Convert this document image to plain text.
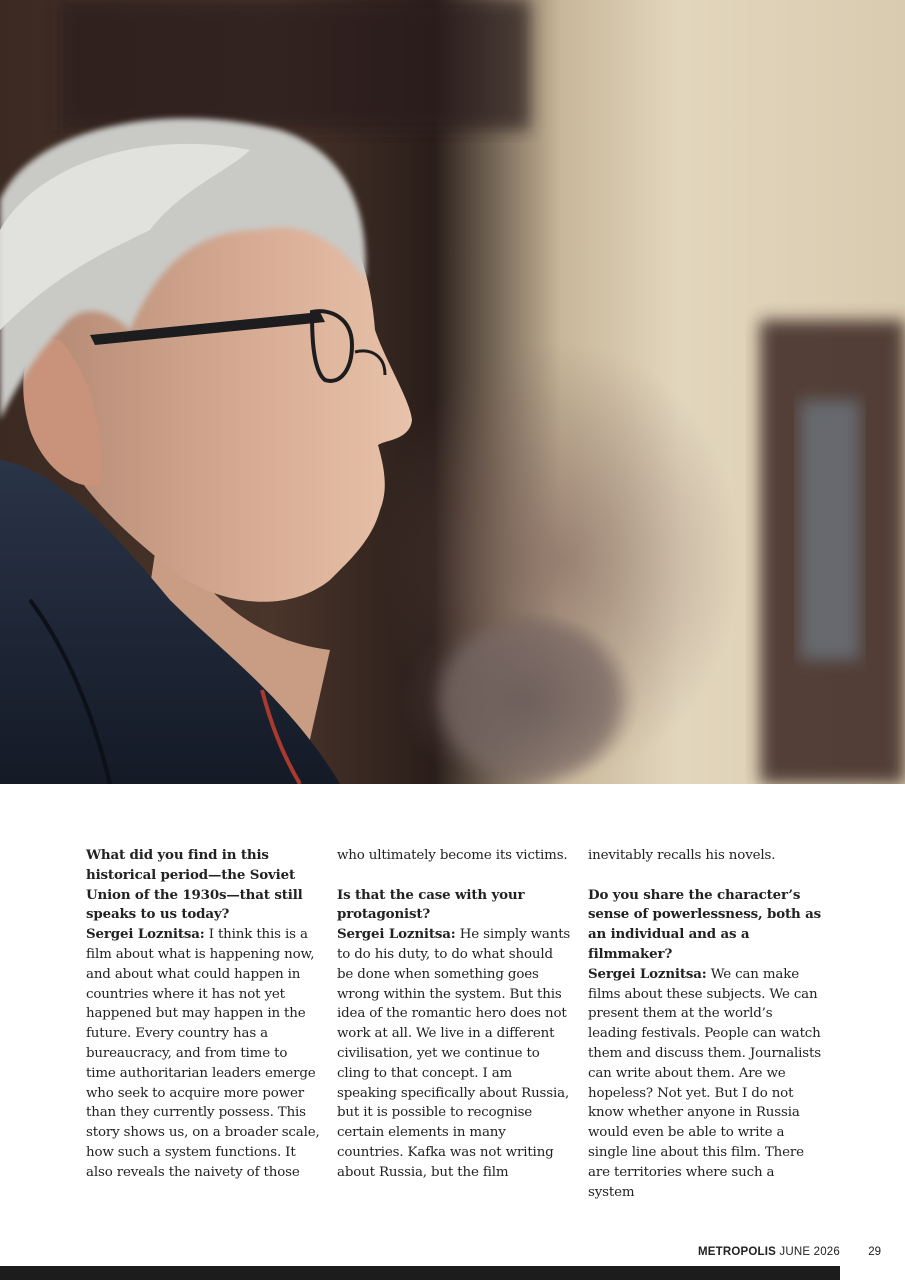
What did you find in this historical period—the Soviet Union of the 1930s—that still speaks to us today?
Sergei Loznitsa: I think this is a film about what is happening now, and about what could happen in countries where it has not yet happened but may happen in the future. Every country has a bureaucracy, and from time to time authoritarian leaders emerge who seek to acquire more power than they currently possess. This story shows us, on a broader scale, how such a system functions. It also reveals the naivety of those
who ultimately become its victims.
Is that the case with your protagonist?
Sergei Loznitsa: He simply wants to do his duty, to do what should be done when something goes wrong within the system. But this idea of the romantic hero does not work at all. We live in a different civilisation, yet we continue to cling to that concept. I am speaking specifically about Russia, but it is possible to recognise certain elements in many countries. Kafka was not writing about Russia, but the film
inevitably recalls his novels.
Do you share the character’s sense of powerlessness, both as an individual and as a filmmaker?
Sergei Loznitsa: We can make films about these subjects. We can present them at the world’s leading festivals. People can watch them and discuss them. Journalists can write about them. Are we hopeless? Not yet. But I do not know whether anyone in Russia would even be able to write a single line about this film. There are territories where such a system
METROPOLIS JUNE 2026 29
